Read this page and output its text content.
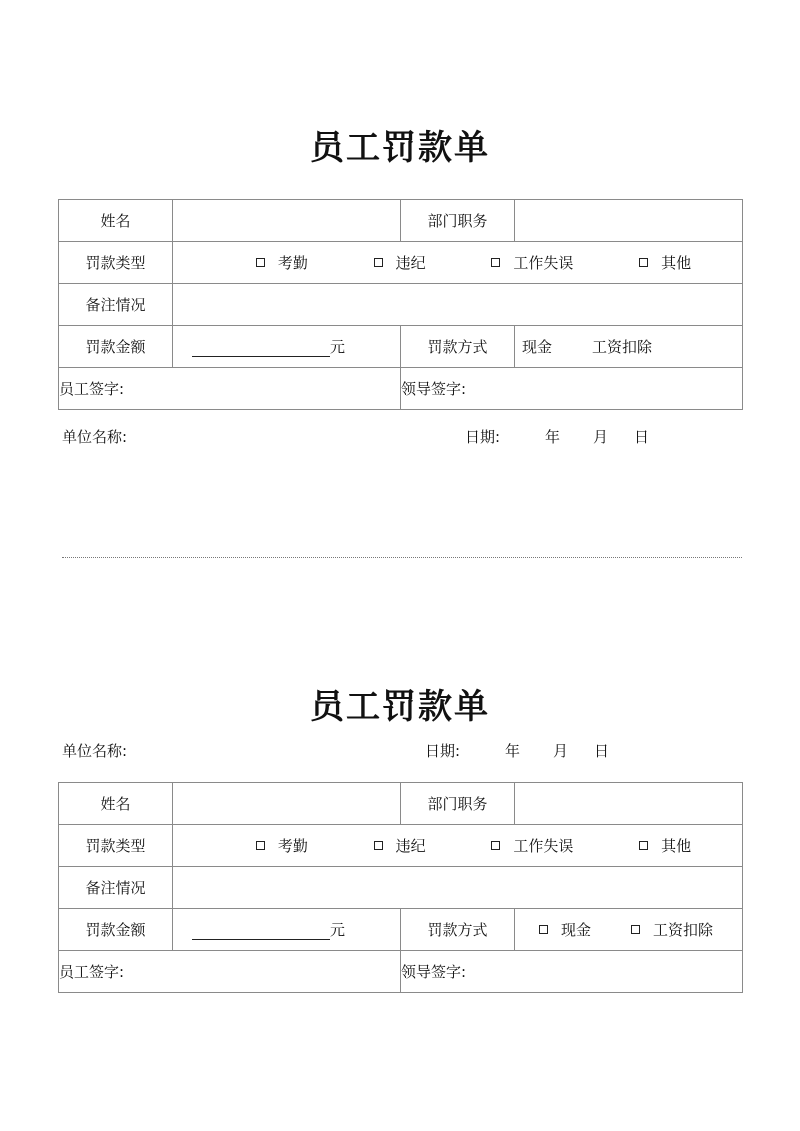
员工罚款单
姓名		部门职务	
罚款类型	考勤 违纪 工作失误 其他		

备注情况			
罚款金额	元	罚款方式	现金 工资扣除

员工签字:		领导签字:	
单位名称:	日期:	年 月 日
员工罚款单
单位名称:	日期:	年 月 日
姓名		部门职务	
罚款类型	考勤 违纪 工作失误 其他		

备注情况			
罚款金额	元	罚款方式	现金 工资扣除

员工签字:		领导签字:	
